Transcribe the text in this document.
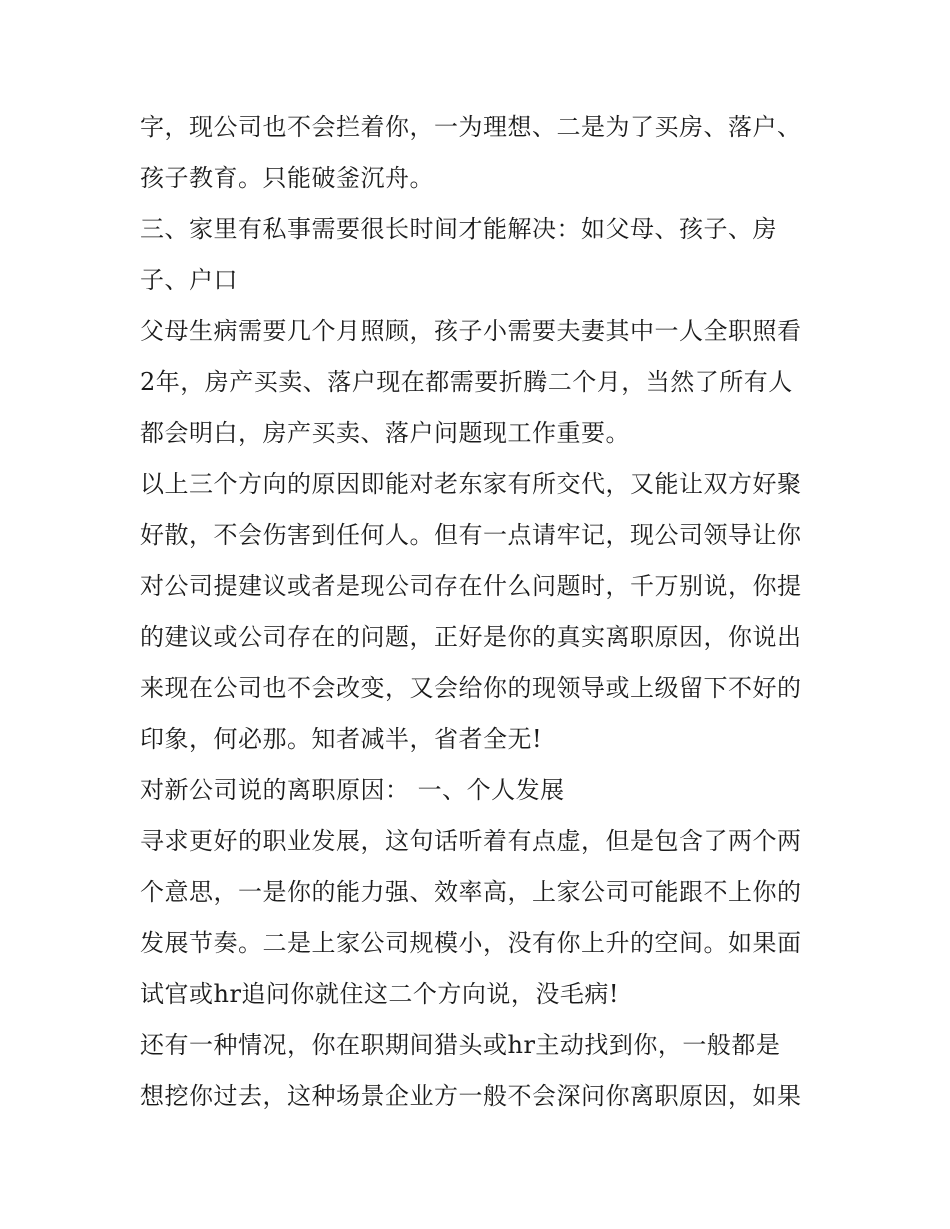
字，现公司也不会拦着你，一为理想、二是为了买房、落户、
孩子教育。只能破釜沉舟。
三、家里有私事需要很长时间才能解决：如父母、孩子、房
子、户口
父母生病需要几个月照顾，孩子小需要夫妻其中一人全职照看
2年，房产买卖、落户现在都需要折腾二个月，当然了所有人
都会明白，房产买卖、落户问题现工作重要。
以上三个方向的原因即能对老东家有所交代，又能让双方好聚
好散，不会伤害到任何人。但有一点请牢记，现公司领导让你
对公司提建议或者是现公司存在什么问题时，千万别说，你提
的建议或公司存在的问题，正好是你的真实离职原因，你说出
来现在公司也不会改变，又会给你的现领导或上级留下不好的
印象，何必那。知者减半，省者全无!
对新公司说的离职原因： 一、个人发展
寻求更好的职业发展，这句话听着有点虚，但是包含了两个两
个意思，一是你的能力强、效率高，上家公司可能跟不上你的
发展节奏。二是上家公司规模小，没有你上升的空间。如果面
试官或hr追问你就住这二个方向说，没毛病!
还有一种情况，你在职期间猎头或hr主动找到你，一般都是
想挖你过去，这种场景企业方一般不会深问你离职原因，如果
